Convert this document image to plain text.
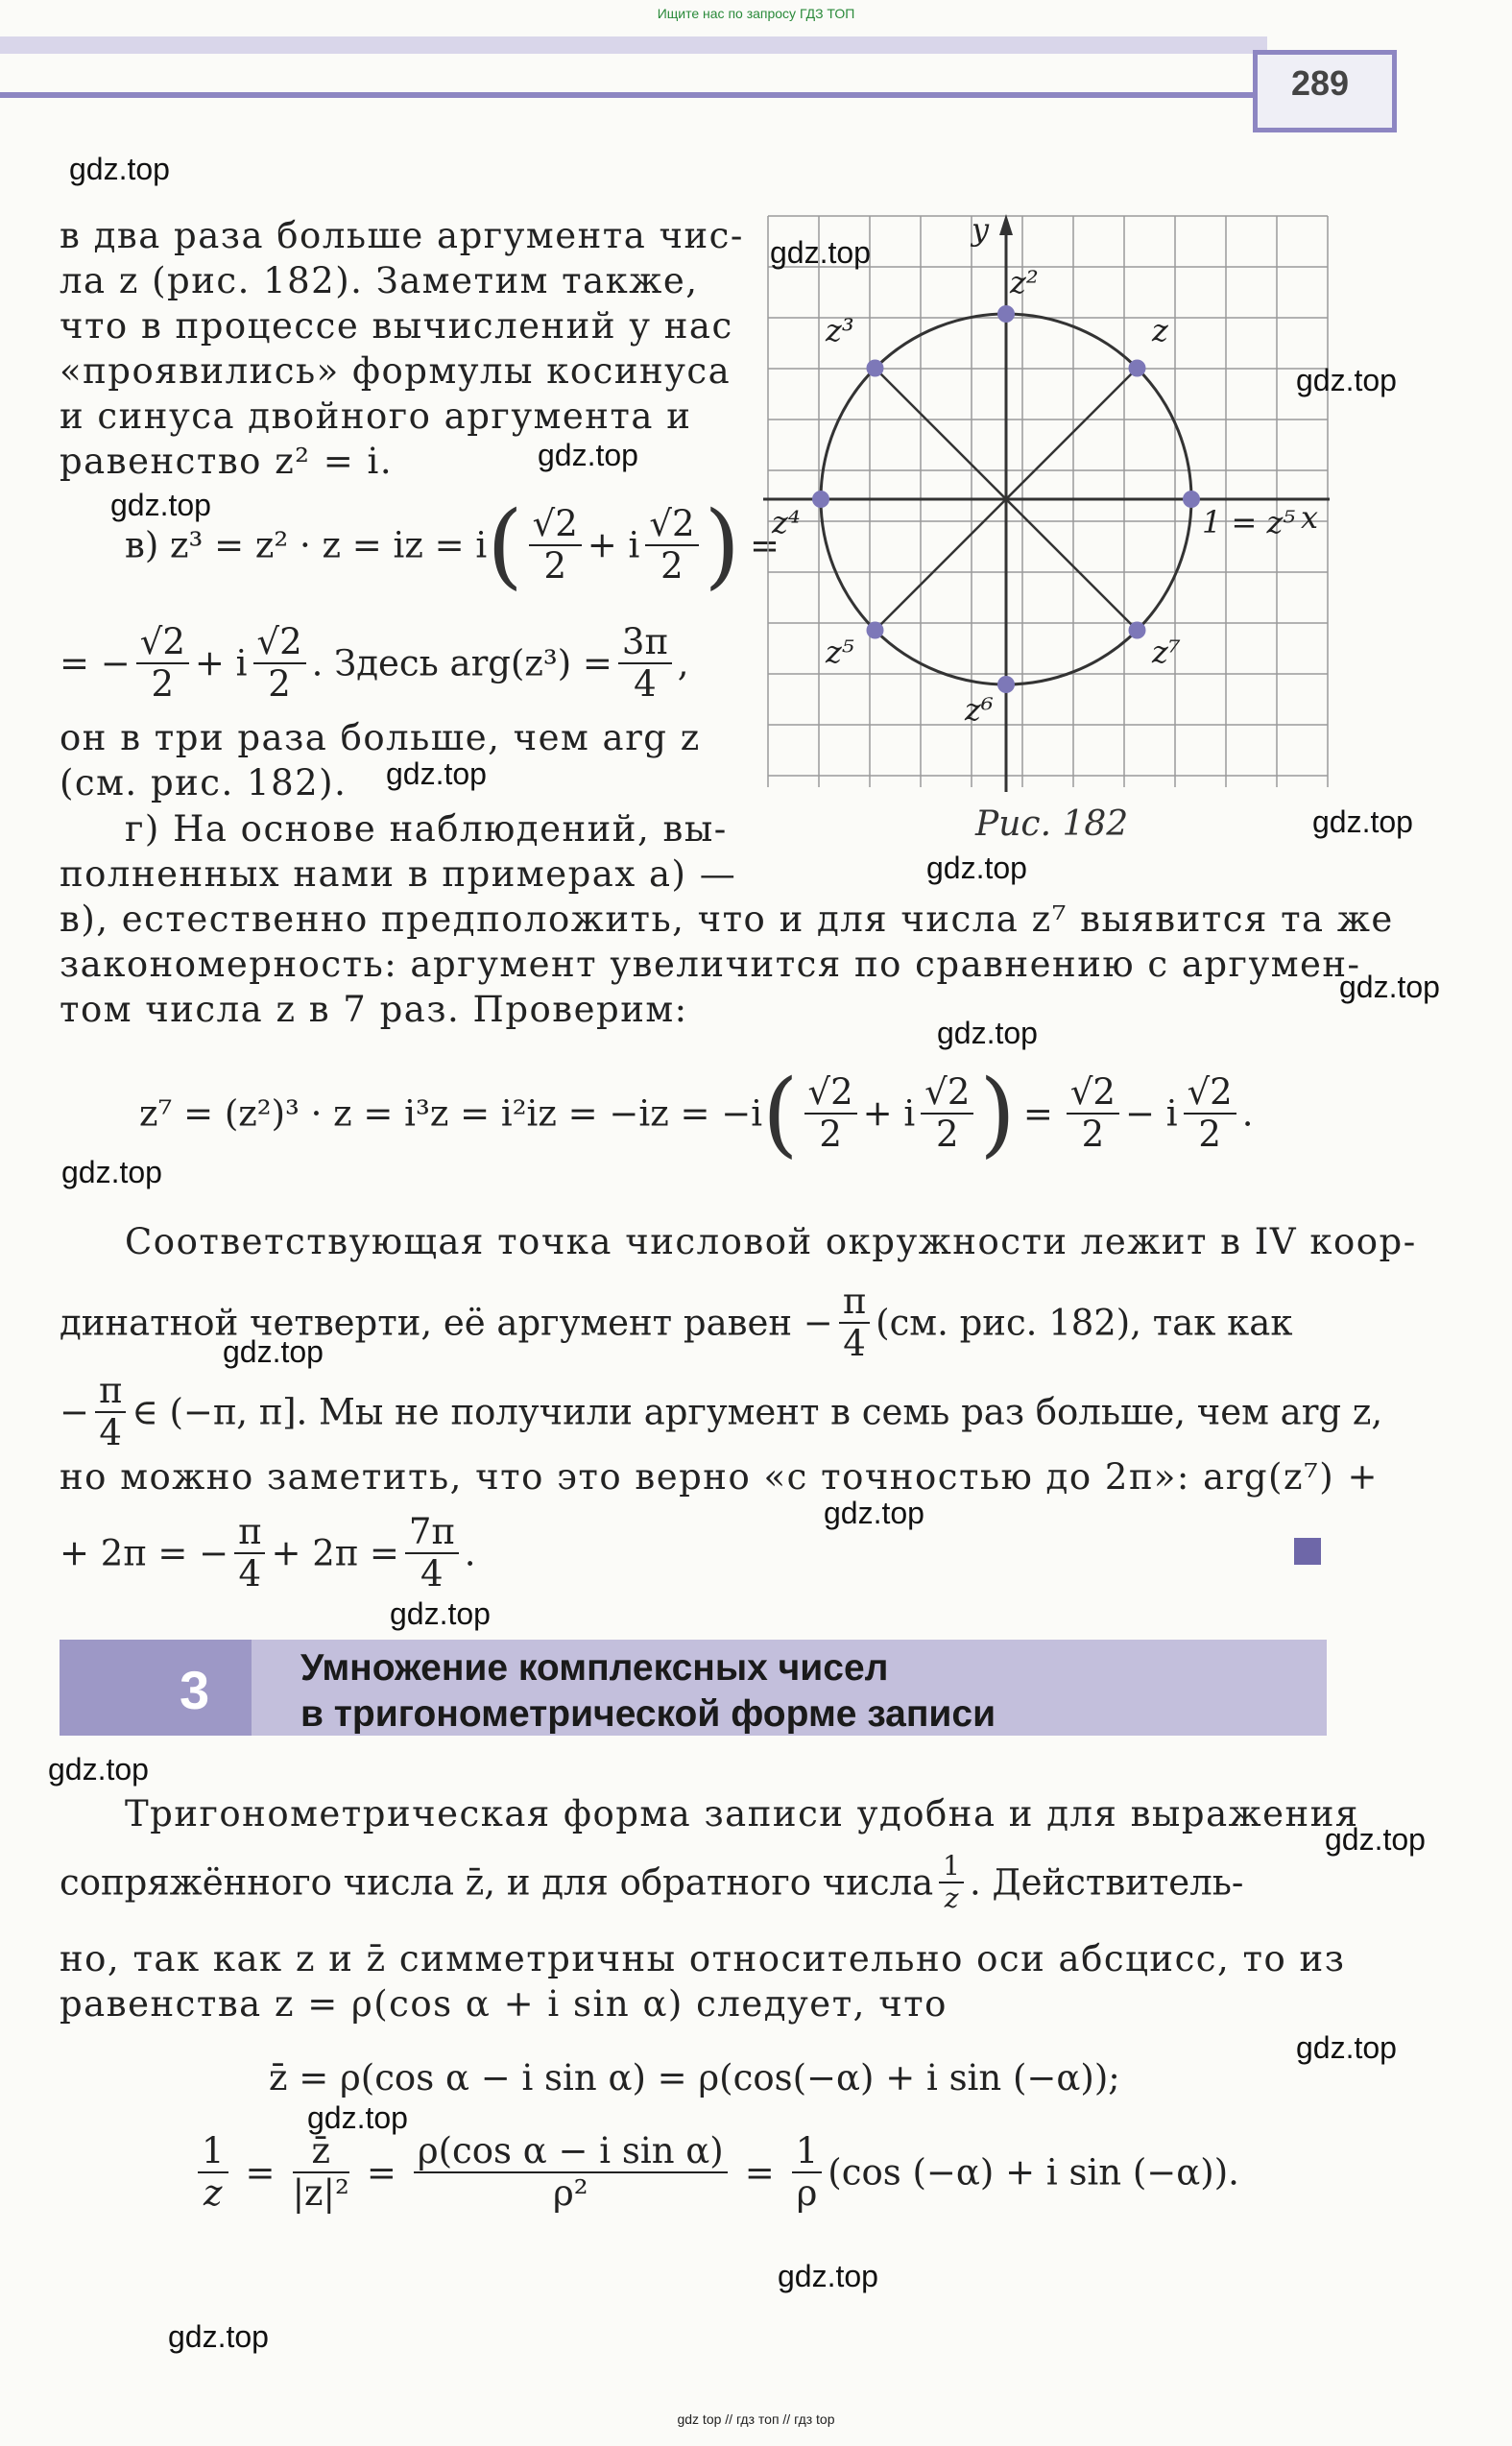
Ищите нас по запросу ГДЗ ТОП
289
в два раза больше аргумента чис-
ла z (рис. 182). Заметим также,
что в процессе вычислений у нас
«проявились» формулы косинуса
и синуса двойного аргумента и
равенство z² = i.
в) z³ = z² · z = iz = $i( \frac{√2}{2} + i \frac{√2}{2}$ ) =
= − $\frac{√2}{2} + i \frac{√2}{2}$ . Здесь $arg(z^3) = \frac{3\pi}{4}$ ,
он в три раза больше, чем arg z
(см. рис. 182).
г) На основе наблюдений, вы-
полненных нами в примерах а) —
в), естественно предположить, что и для числа z⁷ выявится та же
закономерность: аргумент увеличится по сравнению с аргумен-
том числа z в 7 раз. Проверим:
$z^7 = (z^2)^3 \cdot z = i^3z = i^2iz = -iz = -i( \frac{√2}{2} + i \frac{√2}{2}$ ) = $\frac{√2}{2} - i \frac{√2}{2}$ .
Соответствующая точка числовой окружности лежит в IV коор-
динатной четверти, её аргумент равен − $\frac{\pi}{4} (см$. рис. 182), так как
− $\frac{\pi}{4}$ ∈ (−π, π]. Мы не получили аргумент в семь раз больше, чем arg z,
но можно заметить, что это верно «с точностью до 2π»: arg(z⁷) +
+ 2π = − $\frac{\pi}{4} + 2\pi = \frac{7\pi}{4}$ .
3 Умножение комплексных чисел
в тригонометрической форме записи
Тригонометрическая форма записи удобна и для выражения
сопряжённого числа z̄, и для обратного числа $\frac{1}{z}$ . Действитель-
но, так как z и z̄ симметричны относительно оси абсцисс, то из
равенства z = ρ(cos α + i sin α) следует, что
z̄ = ρ(cos α − i sin α) = ρ(cos(−α) + i sin (−α));
$\frac{1}{z} = \frac{z̄}{\text{|z|²}} = \frac{\text{ρ(cos α − i sin α)}}{\text{ρ²}} = \frac{1}{\rho} (\cos$ (−α) + i sin (−α)).
y
x
z
z²
z³
z⁴
z⁵
z⁶
z⁷
1 = z⁵
Рис. 182
gdz.top
gdz.top
gdz.top
gdz.top
gdz.top
gdz.top
gdz.top
gdz.top
gdz.top
gdz.top
gdz.top
gdz.top
gdz.top
gdz.top
gdz.top
gdz.top
gdz.top
gdz.top
gdz.top
gdz.top
gdz top // гдз топ // гдз top
